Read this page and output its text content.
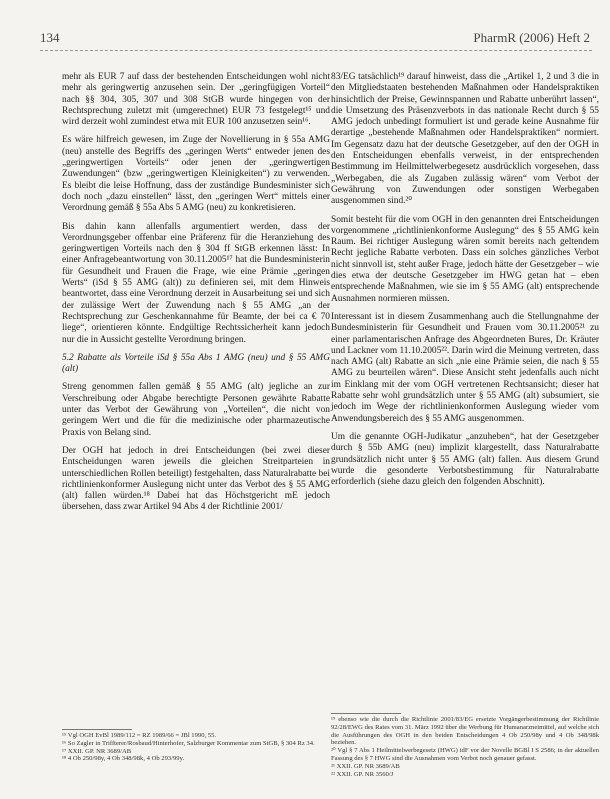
134	PharmR (2006) Heft 2

mehr als EUR 7 auf dass der bestehenden Entscheidungen wohl nicht mehr als geringwertig anzusehen sein. Der „geringfügigen Vorteil“ nach §§ 304, 305, 307 und 308 StGB wurde hingegen von der Rechtsprechung zuletzt mit (umgerechnet) EUR 73 festgelegt¹⁵ und wird derzeit wohl zumindest etwa mit EUR 100 anzusetzen sein¹⁶.

Es wäre hilfreich gewesen, im Zuge der Novellierung in § 55a AMG (neu) anstelle des Begriffs des „geringen Werts“ entweder jenen des „geringwertigen Vorteils“ oder jenen der „geringwertigen Zuwendungen“ (bzw „geringwertigen Kleinigkeiten“) zu verwenden. Es bleibt die leise Hoffnung, dass der zuständige Bundesminister sich doch noch „dazu einstellen“ lässt, den „geringen Wert“ mittels einer Verordnung gemäß § 55a Abs 5 AMG (neu) zu konkretisieren.

Bis dahin kann allenfalls argumentiert werden, dass der Verordnungsgeber offenbar eine Präferenz für die Heranziehung des geringwertigen Vorteils nach den § 304 ff StGB erkennen lässt: In einer Anfragebeantwortung von 30.11.2005¹⁷ hat die Bundesministerin für Gesundheit und Frauen die Frage, wie eine Prämie „geringen Werts“ (iSd § 55 AMG (alt)) zu definieren sei, mit dem Hinweis beantwortet, dass eine Verordnung derzeit in Ausarbeitung sei und sich der zulässige Wert der Zuwendung nach § 55 AMG „an der Rechtsprechung zur Geschenkannahme für Beamte, der bei ca € 70 liege“, orientieren könnte. Endgültige Rechtssicherheit kann jedoch nur die in Aussicht gestellte Verordnung bringen.

5.2 Rabatte als Vorteile iSd § 55a Abs 1 AMG (neu) und § 55 AMG (alt)

Streng genommen fallen gemäß § 55 AMG (alt) jegliche an zur Verschreibung oder Abgabe berechtigte Personen gewährte Rabatte unter das Verbot der Gewährung von „Vorteilen“, die nicht von geringem Wert und die für die medizinische oder pharmazeutische Praxis von Belang sind.

Der OGH hat jedoch in drei Entscheidungen (bei zwei dieser Entscheidungen waren jeweils die gleichen Streitparteien in unterschiedlichen Rollen beteiligt) festgehalten, dass Naturalrabatte bei richtlinienkonformer Auslegung nicht unter das Verbot des § 55 AMG (alt) fallen würden.¹⁸ Dabei hat das Höchstgericht mE jedoch übersehen, dass zwar Artikel 94 Abs 4 der Richtlinie 2001/

¹⁵ Vgl OGH EvBl 1989/112 = RZ 1989/66 = JBl 1990, 55.
¹⁶ So Zagler in Triffterer/Rosbaud/Hinterhofer, Salzburger Kommentar zum StGB, § 304 Rz 34.
¹⁷ XXII. GP. NR 3689/AB
¹⁸ 4 Ob 250/98y, 4 Ob 348/98k, 4 Ob 293/99y.

83/EG tatsächlich¹⁹ darauf hinweist, dass die „Artikel 1, 2 und 3 die in den Mitgliedstaaten bestehenden Maßnahmen oder Handelspraktiken hinsichtlich der Preise, Gewinnspannen und Rabatte unberührt lassen“, die Umsetzung des Präsenzverbots in das nationale Recht durch § 55 AMG jedoch unbedingt formuliert ist und gerade keine Ausnahme für derartige „bestehende Maßnahmen oder Handelspraktiken“ normiert. Im Gegensatz dazu hat der deutsche Gesetzgeber, auf den der OGH in den Entscheidungen ebenfalls verweist, in der entsprechenden Bestimmung im Heilmittelwerbegesetz ausdrücklich vorgesehen, dass „Werbegaben, die als Zugaben zulässig wären“ vom Verbot der Gewährung von Zuwendungen oder sonstigen Werbegaben ausgenommen sind.²⁰

Somit besteht für die vom OGH in den genannten drei Entscheidungen vorgenommene „richtlinienkonforme Auslegung“ des § 55 AMG kein Raum. Bei richtiger Auslegung wären somit bereits nach geltendem Recht jegliche Rabatte verboten. Dass ein solches gänzliches Verbot nicht sinnvoll ist, steht außer Frage, jedoch hätte der Gesetzgeber – wie dies etwa der deutsche Gesetzgeber im HWG getan hat – eben entsprechende Maßnahmen, wie sie im § 55 AMG (alt) entsprechende Ausnahmen normieren müssen.

Interessant ist in diesem Zusammenhang auch die Stellungnahme der Bundesministerin für Gesundheit und Frauen vom 30.11.2005²¹ zu einer parlamentarischen Anfrage des Abgeordneten Bures, Dr. Kräuter und Lackner vom 11.10.2005²². Darin wird die Meinung vertreten, dass nach AMG (alt) Rabatte an sich „nie eine Prämie seien, die nach § 55 AMG zu beurteilen wären“. Diese Ansicht steht jedenfalls auch nicht im Einklang mit der vom OGH vertretenen Rechtsansicht; dieser hat Rabatte sehr wohl grundsätzlich unter § 55 AMG (alt) subsumiert, sie jedoch im Wege der richtlinienkonformen Auslegung wieder vom Anwendungsbereich des § 55 AMG ausgenommen.

Um die genannte OGH-Judikatur „anzuheben“, hat der Gesetzgeber durch § 55b AMG (neu) implizit klargestellt, dass Naturalrabatte grundsätzlich nicht unter § 55 AMG (alt) fallen. Aus diesem Grund wurde die gesonderte Verbotsbestimmung für Naturalrabatte erforderlich (siehe dazu gleich den folgenden Abschnitt).

¹⁹ ebenso wie die durch die Richtlinie 2001/83/EG ersetzte Vorgängerbestimmung der Richtlinie 92/28/EWG des Rates vom 31. März 1992 über die Werbung für Humanarzneimittel, auf welche sich die Ausführungen des OGH in den beiden Entscheidungen 4 Ob 250/98y und 4 Ob 348/98k beziehen.
²⁰ Vgl § 7 Abs 1 Heilmittelwerbegesetz (HWG) idF vor der Novelle BGBl I S 2586; in der aktuellen Fassung des § 7 HWG sind die Ausnahmen vom Verbot noch genauer gefasst.
²¹ XXII. GP. NR 3689/AB
²² XXII. GP. NR 3560/J
